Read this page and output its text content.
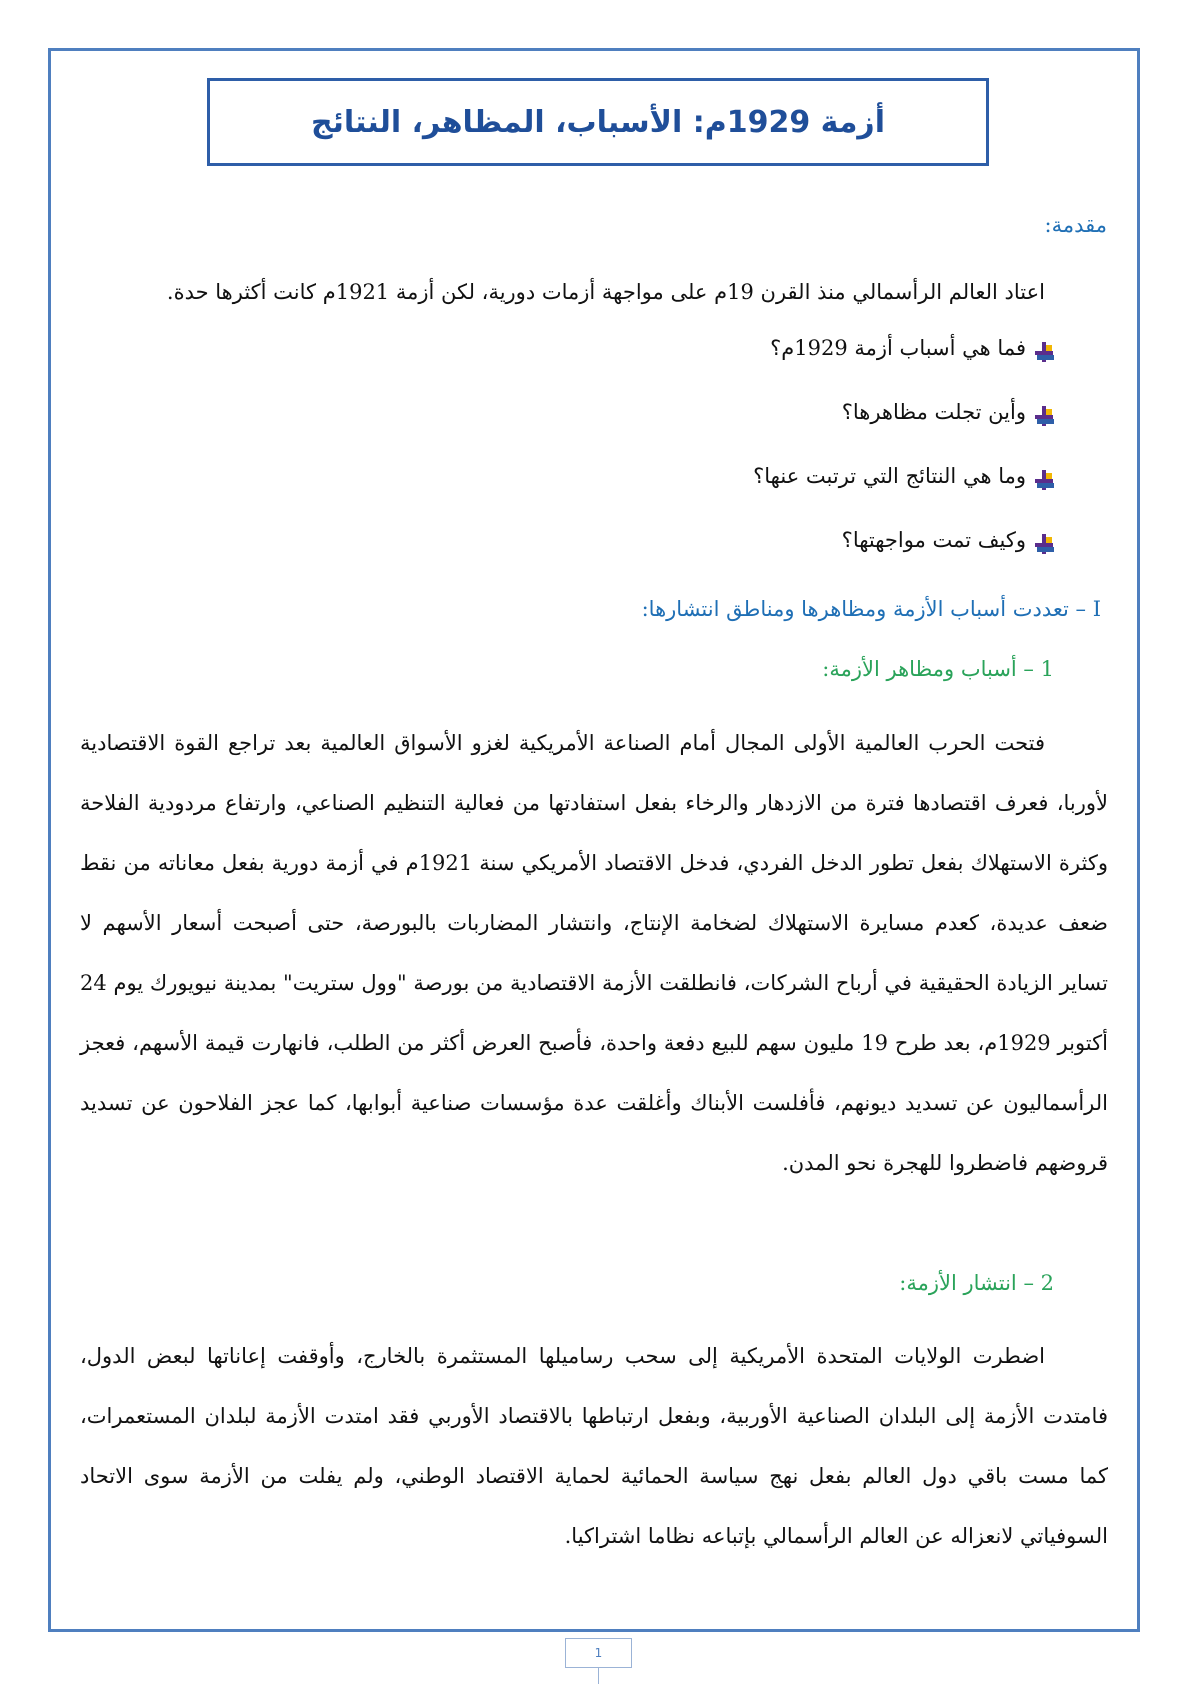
أزمة 1929م: الأسباب، المظاهر، النتائج
مقدمة:
اعتاد العالم الرأسمالي منذ القرن 19م على مواجهة أزمات دورية، لكن أزمة 1921م كانت أكثرها حدة.
فما هي أسباب أزمة 1929م؟
وأين تجلت مظاهرها؟
وما هي النتائج التي ترتبت عنها؟
وكيف تمت مواجهتها؟
I – تعددت أسباب الأزمة ومظاهرها ومناطق انتشارها:
1 – أسباب ومظاهر الأزمة:
فتحت الحرب العالمية الأولى المجال أمام الصناعة الأمريكية لغزو الأسواق العالمية بعد تراجع القوة الاقتصادية لأوربا، فعرف اقتصادها فترة من الازدهار والرخاء بفعل استفادتها من فعالية التنظيم الصناعي، وارتفاع مردودية الفلاحة وكثرة الاستهلاك بفعل تطور الدخل الفردي، فدخل الاقتصاد الأمريكي سنة 1921م في أزمة دورية بفعل معاناته من نقط ضعف عديدة، كعدم مسايرة الاستهلاك لضخامة الإنتاج، وانتشار المضاربات بالبورصة، حتى أصبحت أسعار الأسهم لا تساير الزيادة الحقيقية في أرباح الشركات، فانطلقت الأزمة الاقتصادية من بورصة "وول ستريت" بمدينة نيويورك يوم 24 أكتوبر 1929م، بعد طرح 19 مليون سهم للبيع دفعة واحدة، فأصبح العرض أكثر من الطلب، فانهارت قيمة الأسهم، فعجز الرأسماليون عن تسديد ديونهم، فأفلست الأبناك وأغلقت عدة مؤسسات صناعية أبوابها، كما عجز الفلاحون عن تسديد قروضهم فاضطروا للهجرة نحو المدن.
2 – انتشار الأزمة:
اضطرت الولايات المتحدة الأمريكية إلى سحب رساميلها المستثمرة بالخارج، وأوقفت إعاناتها لبعض الدول، فامتدت الأزمة إلى البلدان الصناعية الأوربية، وبفعل ارتباطها بالاقتصاد الأوربي فقد امتدت الأزمة لبلدان المستعمرات، كما مست باقي دول العالم بفعل نهج سياسة الحمائية لحماية الاقتصاد الوطني، ولم يفلت من الأزمة سوى الاتحاد السوفياتي لانعزاله عن العالم الرأسمالي بإتباعه نظاما اشتراكيا.
1
